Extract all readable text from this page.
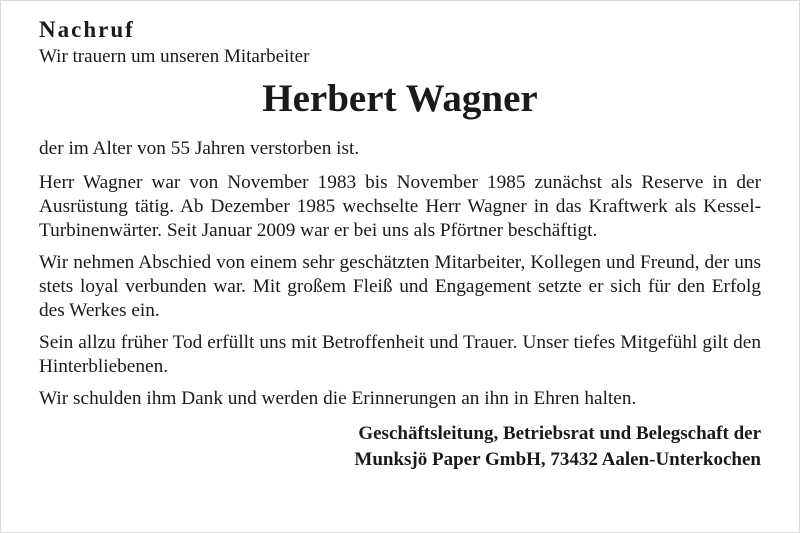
Nachruf
Wir trauern um unseren Mitarbeiter
Herbert Wagner

der im Alter von 55 Jahren verstorben ist.

Herr Wagner war von November 1983 bis November 1985 zunächst als Reserve in der Ausrüstung tätig. Ab Dezember 1985 wechselte Herr Wagner in das Kraftwerk als Kessel-Turbinenwärter. Seit Januar 2009 war er bei uns als Pförtner beschäftigt.

Wir nehmen Abschied von einem sehr geschätzten Mitarbeiter, Kollegen und Freund, der uns stets loyal verbunden war. Mit großem Fleiß und Engagement setzte er sich für den Erfolg des Werkes ein.

Sein allzu früher Tod erfüllt uns mit Betroffenheit und Trauer. Unser tiefes Mitgefühl gilt den Hinterbliebenen.

Wir schulden ihm Dank und werden die Erinnerungen an ihn in Ehren halten.

Geschäftsleitung, Betriebsrat und Belegschaft der
Munksjö Paper GmbH, 73432 Aalen-Unterkochen
